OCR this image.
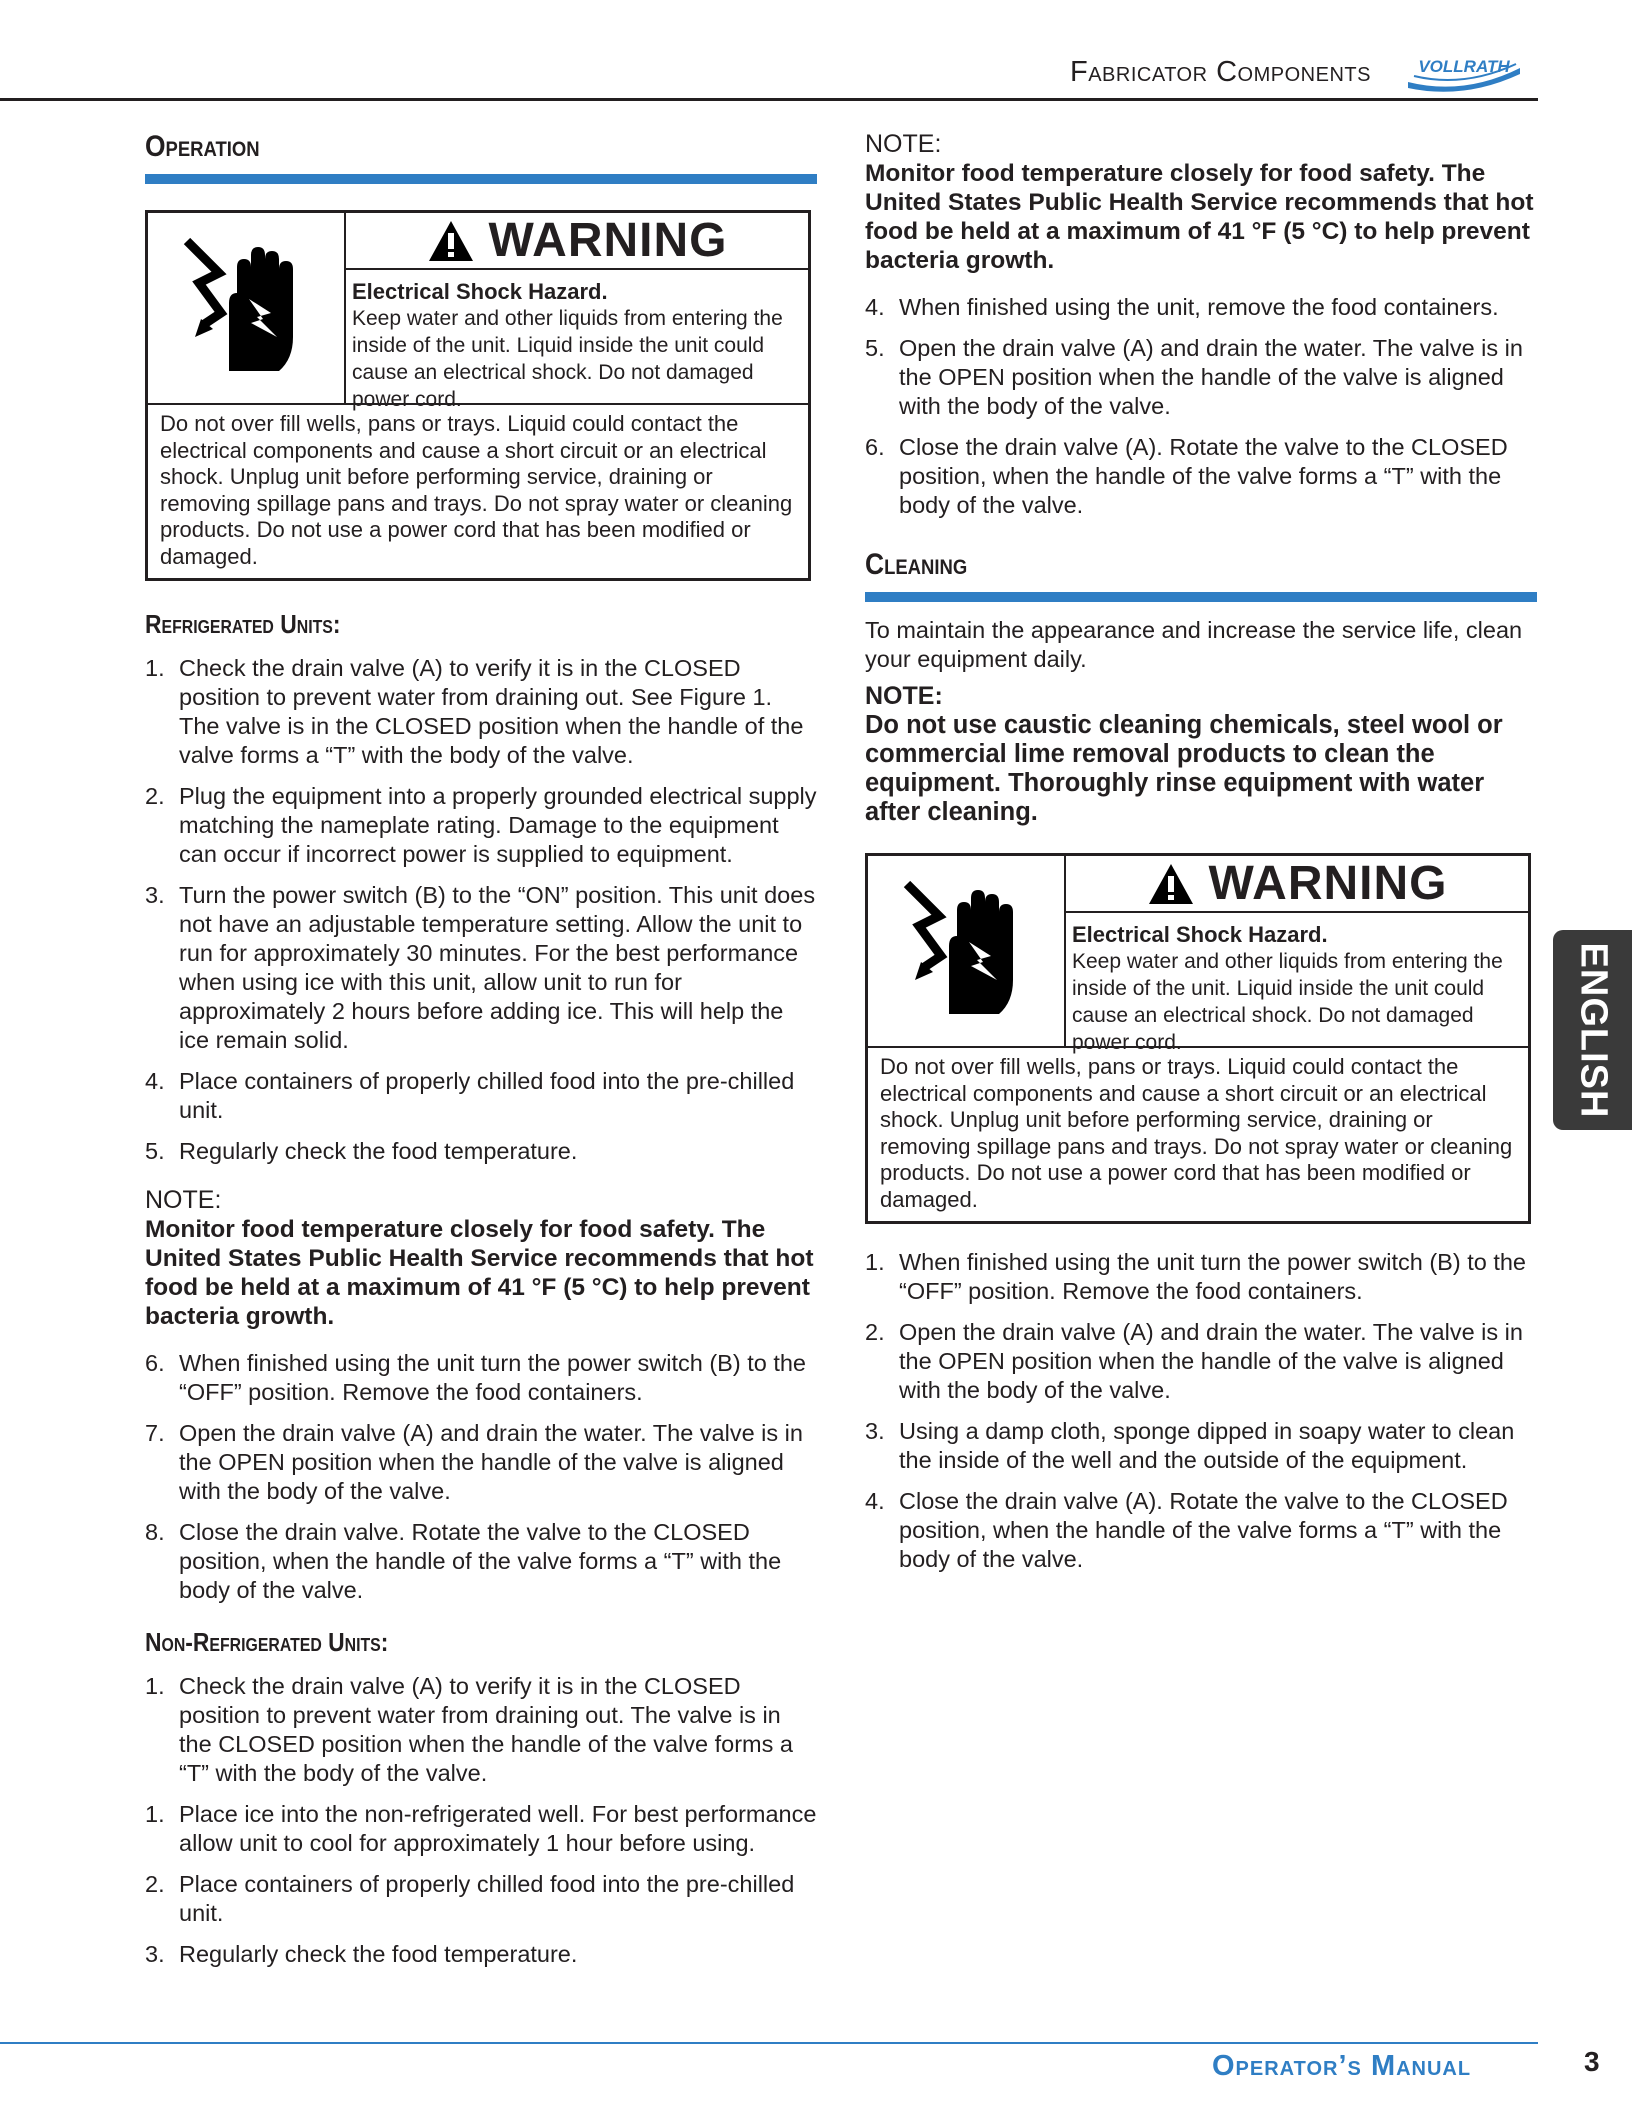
Fabricator Components	VOLLRATH
Operation
WARNING
Electrical Shock Hazard.
Keep water and other liquids from entering the inside of the unit. Liquid inside the unit could cause an electrical shock. Do not damaged power cord.
Do not over fill wells, pans or trays. Liquid could contact the electrical components and cause a short circuit or an electrical shock. Unplug unit before performing service, draining or removing spillage pans and trays. Do not spray water or cleaning products. Do not use a power cord that has been modified or damaged.
Refrigerated Units:
1. Check the drain valve (A) to verify it is in the CLOSED position to prevent water from draining out. See Figure 1. The valve is in the CLOSED position when the handle of the valve forms a “T” with the body of the valve.
2. Plug the equipment into a properly grounded electrical supply matching the nameplate rating. Damage to the equipment can occur if incorrect power is supplied to equipment.
3. Turn the power switch (B) to the “ON” position. This unit does not have an adjustable temperature setting. Allow the unit to run for approximately 30 minutes. For the best performance when using ice with this unit, allow unit to run for approximately 2 hours before adding ice. This will help the ice remain solid.
4. Place containers of properly chilled food into the pre-chilled unit.
5. Regularly check the food temperature.
NOTE:
Monitor food temperature closely for food safety. The United States Public Health Service recommends that hot food be held at a maximum of 41 °F (5 °C) to help prevent bacteria growth.
6. When finished using the unit turn the power switch (B) to the “OFF” position. Remove the food containers.
7. Open the drain valve (A) and drain the water. The valve is in the OPEN position when the handle of the valve is aligned with the body of the valve.
8. Close the drain valve. Rotate the valve to the CLOSED position, when the handle of the valve forms a “T” with the body of the valve.
Non-Refrigerated Units:
1. Check the drain valve (A) to verify it is in the CLOSED position to prevent water from draining out. The valve is in the CLOSED position when the handle of the valve forms a “T” with the body of the valve.
1. Place ice into the non-refrigerated well. For best performance allow unit to cool for approximately 1 hour before using.
2. Place containers of properly chilled food into the pre-chilled unit.
3. Regularly check the food temperature.
NOTE:
Monitor food temperature closely for food safety. The United States Public Health Service recommends that hot food be held at a maximum of 41 °F (5 °C) to help prevent bacteria growth.
4. When finished using the unit, remove the food containers.
5. Open the drain valve (A) and drain the water. The valve is in the OPEN position when the handle of the valve is aligned with the body of the valve.
6. Close the drain valve (A). Rotate the valve to the CLOSED position, when the handle of the valve forms a “T” with the body of the valve.
Cleaning
To maintain the appearance and increase the service life, clean your equipment daily.
NOTE:
Do not use caustic cleaning chemicals, steel wool or commercial lime removal products to clean the equipment. Thoroughly rinse equipment with water after cleaning.
WARNING
Electrical Shock Hazard.
Keep water and other liquids from entering the inside of the unit. Liquid inside the unit could cause an electrical shock. Do not damaged power cord.
Do not over fill wells, pans or trays. Liquid could contact the electrical components and cause a short circuit or an electrical shock. Unplug unit before performing service, draining or removing spillage pans and trays. Do not spray water or cleaning products. Do not use a power cord that has been modified or damaged.
1. When finished using the unit turn the power switch (B) to the “OFF” position. Remove the food containers.
2. Open the drain valve (A) and drain the water. The valve is in the OPEN position when the handle of the valve is aligned with the body of the valve.
3. Using a damp cloth, sponge dipped in soapy water to clean the inside of the well and the outside of the equipment.
4. Close the drain valve (A). Rotate the valve to the CLOSED position, when the handle of the valve forms a “T” with the body of the valve.
ENGLISH
Operator’s Manual	3
